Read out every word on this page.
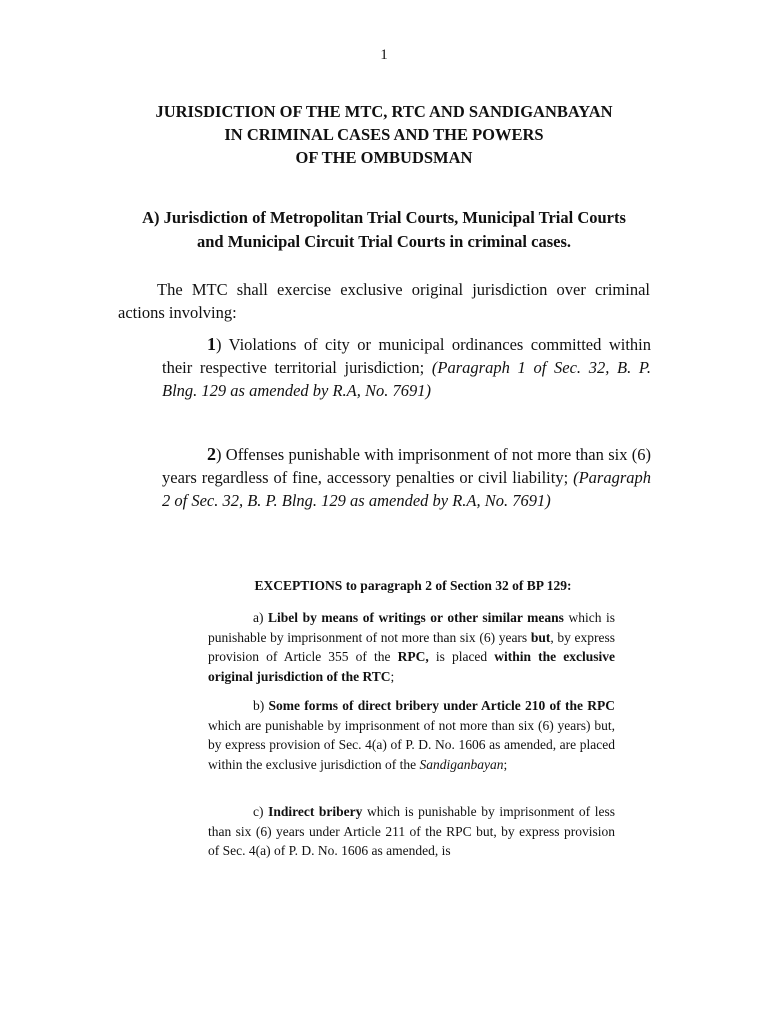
1
JURISDICTION OF THE MTC, RTC AND SANDIGANBAYAN
IN CRIMINAL CASES AND THE POWERS
OF THE OMBUDSMAN
A) Jurisdiction of Metropolitan Trial Courts, Municipal Trial Courts
and Municipal Circuit Trial Courts in criminal cases.
The MTC shall exercise exclusive original jurisdiction over criminal actions involving:
1) Violations of city or municipal ordinances committed within their respective territorial jurisdiction; (Paragraph 1 of Sec. 32, B. P. Blng. 129 as amended by R.A, No. 7691)
2) Offenses punishable with imprisonment of not more than six (6) years regardless of fine, accessory penalties or civil liability; (Paragraph 2 of Sec. 32, B. P. Blng. 129 as amended by R.A, No. 7691)
EXCEPTIONS to paragraph 2 of Section 32 of BP 129:
a) Libel by means of writings or other similar means which is punishable by imprisonment of not more than six (6) years but, by express provision of Article 355 of the RPC, is placed within the exclusive original jurisdiction of the RTC;
b) Some forms of direct bribery under Article 210 of the RPC which are punishable by imprisonment of not more than six (6) years) but, by express provision of Sec. 4(a) of P. D. No. 1606 as amended, are placed within the exclusive jurisdiction of the Sandiganbayan;
c) Indirect bribery which is punishable by imprisonment of less than six (6) years under Article 211 of the RPC but, by express provision of Sec. 4(a) of P. D. No. 1606 as amended, is
